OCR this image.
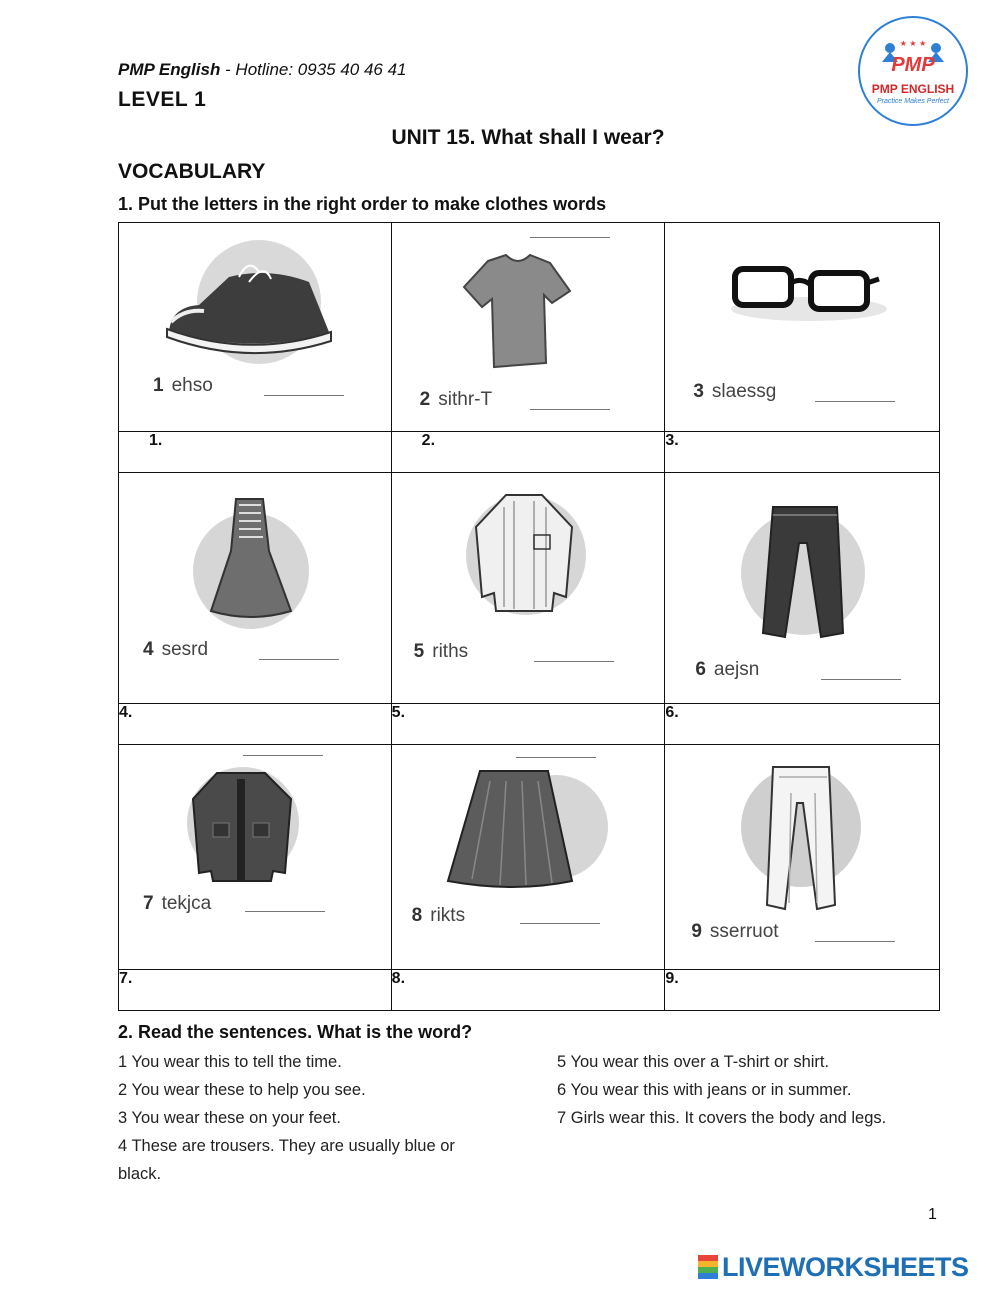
PMP English - Hotline: 0935 40 46 41
LEVEL 1
UNIT 15. What shall I wear?
VOCABULARY
1. Put the letters in the right order to make clothes words
★ ★ ★
PMP
PMP ENGLISH
Practice Makes Perfect
1 ehso	2 sithr-T	3 slaessg

1.	2.	3.

4 sesrd	5 riths	6 aejsn

4.	5.	6.

7 tekjca	8 rikts	9 sserruot

7.	8.	9.
2. Read the sentences. What is the word?
1 You wear this to tell the time.
2 You wear these to help you see.
3 You wear these on your feet.
4 These are trousers. They are usually blue or black.
5 You wear this over a T-shirt or shirt.
6 You wear this with jeans or in summer.
7 Girls wear this. It covers the body and legs.
1
LIVEWORKSHEETS
